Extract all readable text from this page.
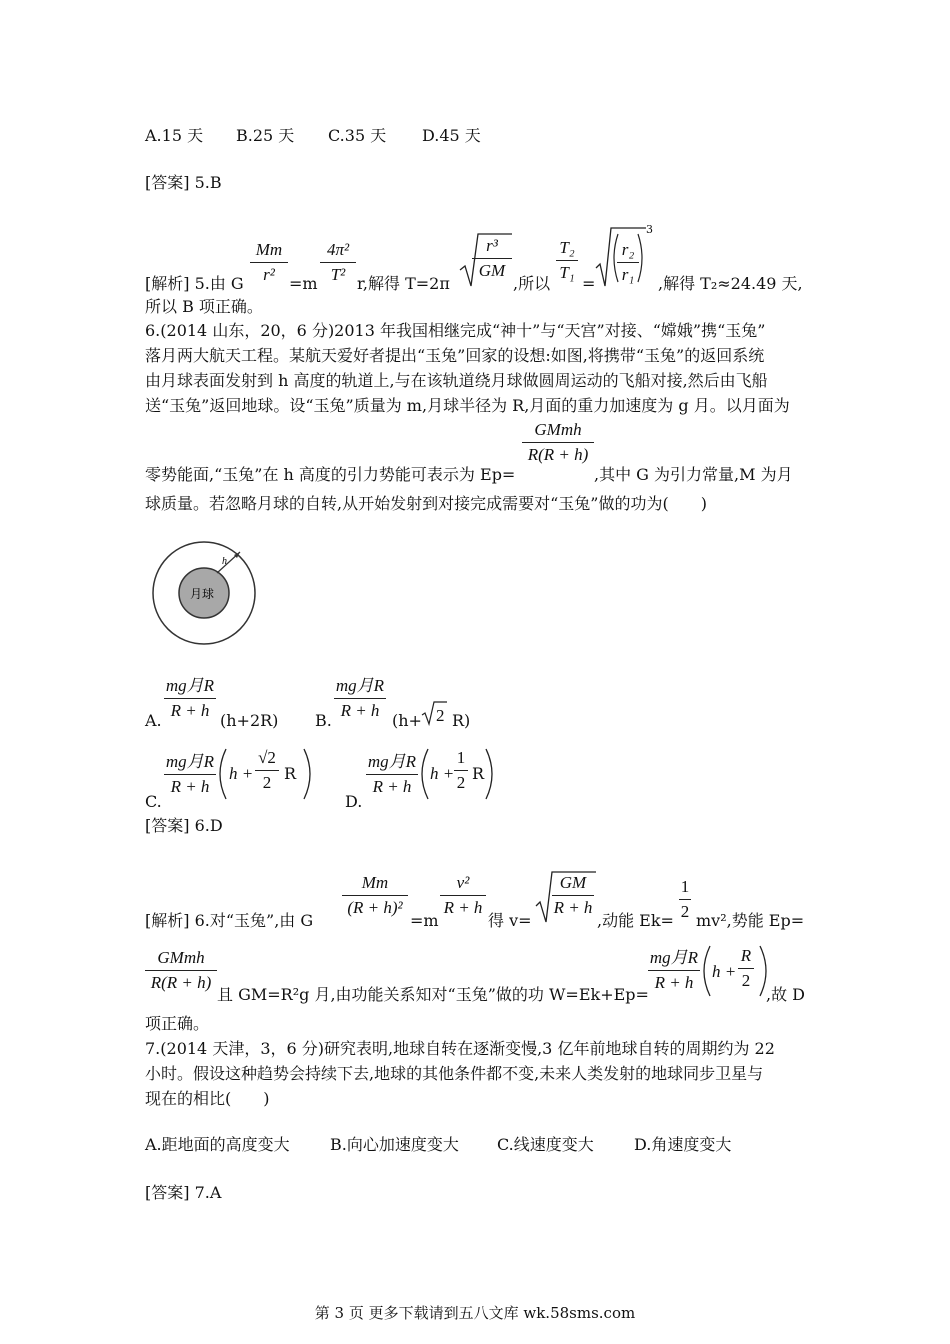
A.15 天 B.25 天 C.35 天 D.45 天
[答案] 5.B
[解析] 5.由 G
Mm
r² =m
4π²
T² r,解得 T=2π
r³
GM
,所以
T₂
T₁
=
r₂
r₁
3
,解得 T₂≈24.49 天,
所以 B 项正确。
6.(2014 山东，20，6 分)2013 年我国相继完成“神十”与“天宫”对接、“嫦娥”携“玉兔”
落月两大航天工程。某航天爱好者提出“玉兔”回家的设想:如图,将携带“玉兔”的返回系统
由月球表面发射到 h 高度的轨道上,与在该轨道绕月球做圆周运动的飞船对接,然后由飞船
送“玉兔”返回地球。设“玉兔”质量为 m,月球半径为 R,月面的重力加速度为 g 月。以月面为
零势能面,“玉兔”在 h 高度的引力势能可表示为 Ep=
GMmh
R(R + h)
,其中 G 为引力常量,M 为月
球质量。若忽略月球的自转,从开始发射到对接完成需要对“玉兔”做的功为(　　)
月球
h
A.
mg月R
R + h
(h+2R) B.
mg月R
R + h
(h+ 2 R)
C.
mg月R
R + h
h +
√2
2 R
D.
mg月R
R + h
h +
1
2 R
[答案] 6.D
[解析] 6.对“玉兔”,由 G
Mm
(R + h)²
=m
v²
R + h
得 v=
GM
R + h
,动能 Ek=
1
2 mv²,势能 Ep=
GMmh
R(R + h)
且 GM=R²g 月,由功能关系知对“玉兔”做的功 W=Ek+Ep=
mg月R
R + h
h +
R
2
,故 D
项正确。
7.(2014 天津，3，6 分)研究表明,地球自转在逐渐变慢,3 亿年前地球自转的周期约为 22
小时。假设这种趋势会持续下去,地球的其他条件都不变,未来人类发射的地球同步卫星与
现在的相比(　　)
A.距地面的高度变大	B.向心加速度变大 C.线速度变大	D.角速度变大
[答案] 7.A
第 3 页 更多下载请到五八文库 wk.58sms.com
